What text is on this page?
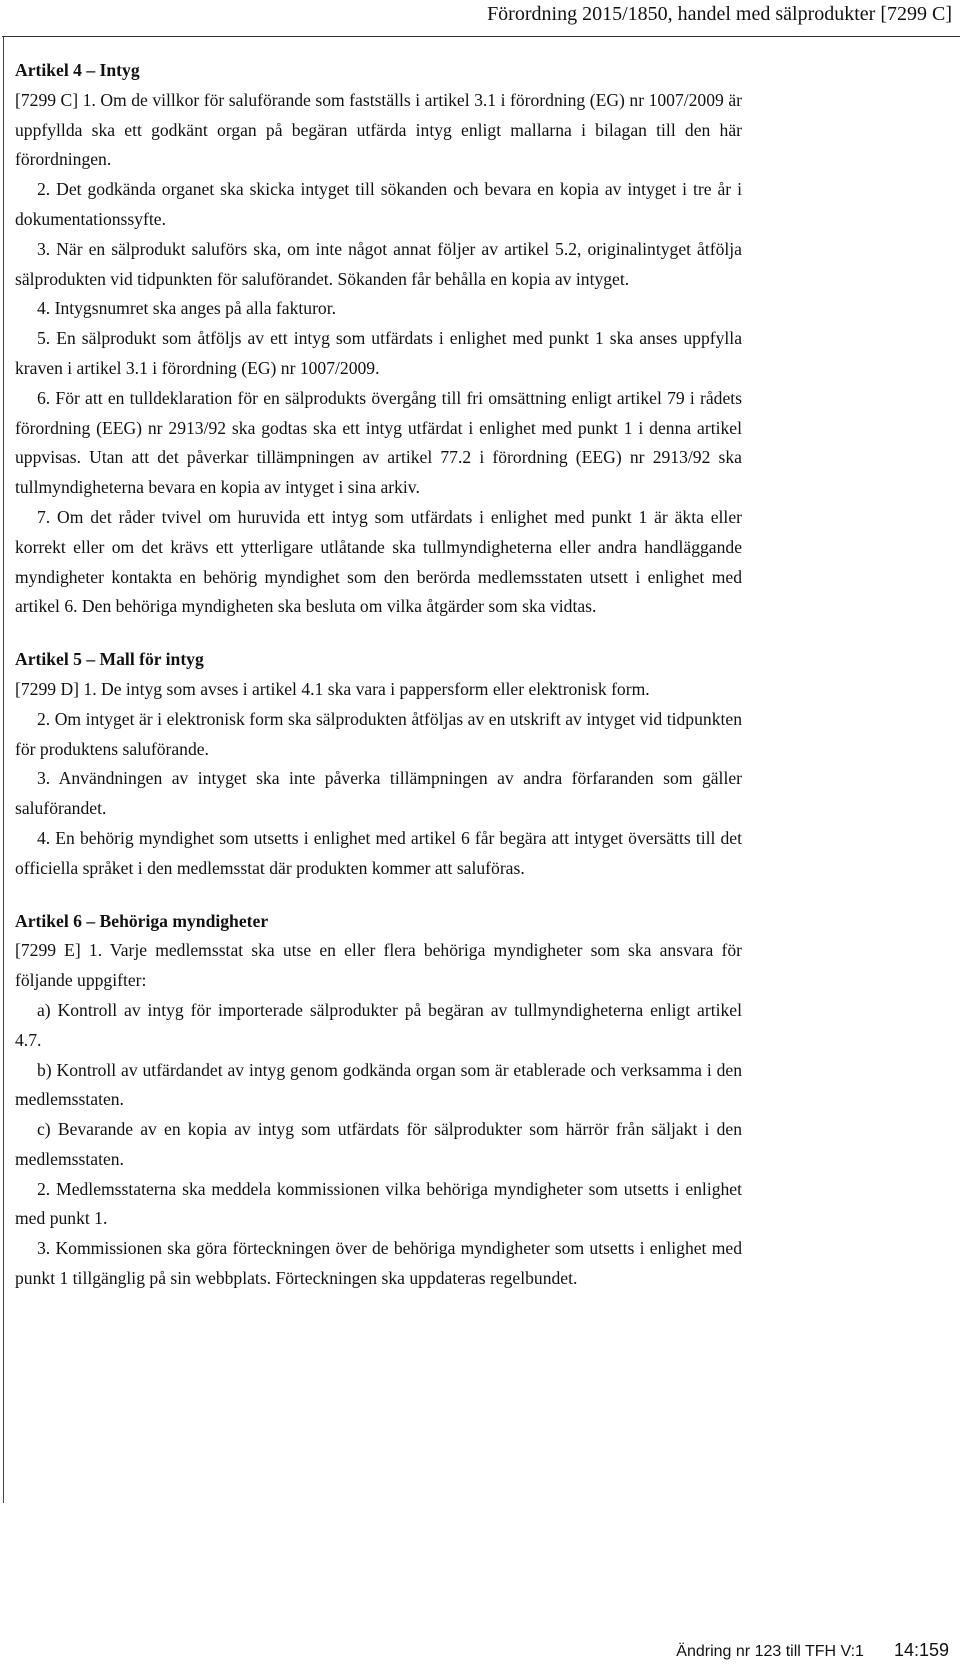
Förordning 2015/1850, handel med sälprodukter [7299 C]
Artikel 4 – Intyg

[7299 C] 1. Om de villkor för saluförande som fastställs i artikel 3.1 i förordning (EG) nr 1007/2009 är uppfyllda ska ett godkänt organ på begäran utfärda intyg enligt mallarna i bilagan till den här förordningen.

2. Det godkända organet ska skicka intyget till sökanden och bevara en kopia av intyget i tre år i dokumentationssyfte.

3. När en sälprodukt saluförs ska, om inte något annat följer av artikel 5.2, originalintyget åtfölja sälprodukten vid tidpunkten för saluförandet. Sökanden får behålla en kopia av intyget.

4. Intygsnumret ska anges på alla fakturor.

5. En sälprodukt som åtföljs av ett intyg som utfärdats i enlighet med punkt 1 ska anses uppfylla kraven i artikel 3.1 i förordning (EG) nr 1007/2009.

6. För att en tulldeklaration för en sälprodukts övergång till fri omsättning enligt artikel 79 i rådets förordning (EEG) nr 2913/92 ska godtas ska ett intyg utfärdat i enlighet med punkt 1 i denna artikel uppvisas. Utan att det påverkar tillämpningen av artikel 77.2 i förordning (EEG) nr 2913/92 ska tullmyndigheterna bevara en kopia av intyget i sina arkiv.

7. Om det råder tvivel om huruvida ett intyg som utfärdats i enlighet med punkt 1 är äkta eller korrekt eller om det krävs ett ytterligare utlåtande ska tullmyndigheterna eller andra handläggande myndigheter kontakta en behörig myndighet som den berörda medlemsstaten utsett i enlighet med artikel 6. Den behöriga myndigheten ska besluta om vilka åtgärder som ska vidtas.

Artikel 5 – Mall för intyg

[7299 D] 1. De intyg som avses i artikel 4.1 ska vara i pappersform eller elektronisk form.

2. Om intyget är i elektronisk form ska sälprodukten åtföljas av en utskrift av intyget vid tidpunkten för produktens saluförande.

3. Användningen av intyget ska inte påverka tillämpningen av andra förfaranden som gäller saluförandet.

4. En behörig myndighet som utsetts i enlighet med artikel 6 får begära att intyget översätts till det officiella språket i den medlemsstat där produkten kommer att saluföras.

Artikel 6 – Behöriga myndigheter

[7299 E] 1. Varje medlemsstat ska utse en eller flera behöriga myndigheter som ska ansvara för följande uppgifter:

a) Kontroll av intyg för importerade sälprodukter på begäran av tullmyndigheterna enligt artikel 4.7.

b) Kontroll av utfärdandet av intyg genom godkända organ som är etablerade och verksamma i den medlemsstaten.

c) Bevarande av en kopia av intyg som utfärdats för sälprodukter som härrör från säljakt i den medlemsstaten.

2. Medlemsstaterna ska meddela kommissionen vilka behöriga myndigheter som utsetts i enlighet med punkt 1.

3. Kommissionen ska göra förteckningen över de behöriga myndigheter som utsetts i enlighet med punkt 1 tillgänglig på sin webbplats. Förteckningen ska uppdateras regelbundet.

Ändring nr 123 till TFH V:1 14:159
